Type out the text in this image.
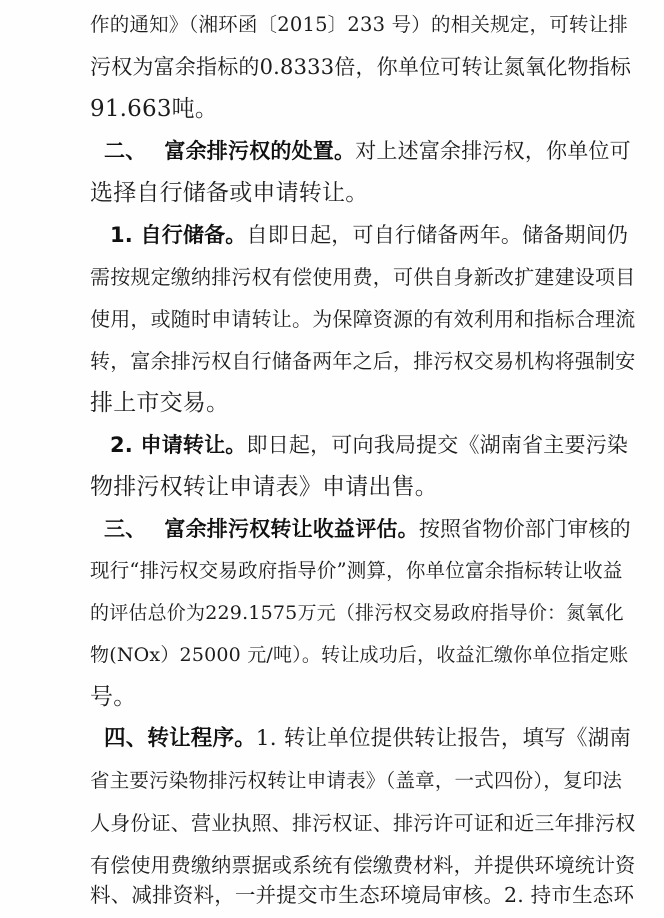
作的通知》（湘环函〔2015〕233 号）的相关规定，可转让排
污权为富余指标的0.8333倍，你单位可转让氮氧化物指标
91.663吨。
二、 富余排污权的处置。对上述富余排污权，你单位可
选择自行储备或申请转让。
1. 自行储备。自即日起，可自行储备两年。储备期间仍
需按规定缴纳排污权有偿使用费，可供自身新改扩建建设项目
使用，或随时申请转让。为保障资源的有效利用和指标合理流
转，富余排污权自行储备两年之后，排污权交易机构将强制安
排上市交易。
2. 申请转让。即日起，可向我局提交《湖南省主要污染
物排污权转让申请表》申请出售。
三、 富余排污权转让收益评估。按照省物价部门审核的
现行“排污权交易政府指导价”测算，你单位富余指标转让收益
的评估总价为229.1575万元（排污权交易政府指导价：氮氧化
物(NOx）25000 元/吨）。转让成功后，收益汇缴你单位指定账
号。
四、转让程序。1. 转让单位提供转让报告，填写《湖南
省主要污染物排污权转让申请表》（盖章，一式四份），复印法
人身份证、营业执照、排污权证、排污许可证和近三年排污权
有偿使用费缴纳票据或系统有偿缴费材料，并提供环境统计资
料、减排资料，一并提交市生态环境局审核。2. 持市生态环
